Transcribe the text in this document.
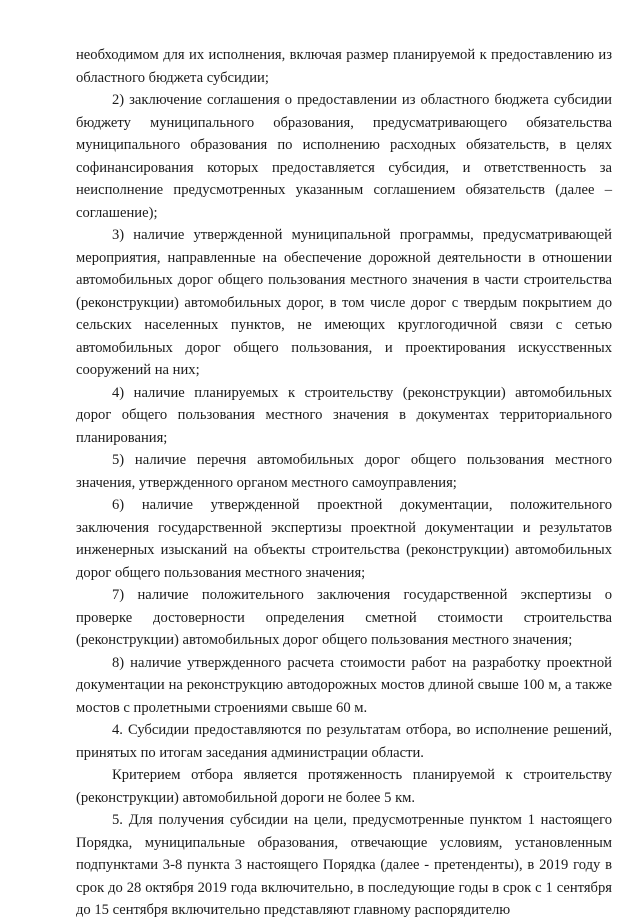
необходимом для их исполнения, включая размер планируемой к предоставлению из областного бюджета субсидии;

2) заключение соглашения о предоставлении из областного бюджета субсидии бюджету муниципального образования, предусматривающего обязательства муниципального образования по исполнению расходных обязательств, в целях софинансирования которых предоставляется субсидия, и ответственность за неисполнение предусмотренных указанным соглашением обязательств (далее – соглашение);

3) наличие утвержденной муниципальной программы, предусматривающей мероприятия, направленные на обеспечение дорожной деятельности в отношении автомобильных дорог общего пользования местного значения в части строительства (реконструкции) автомобильных дорог, в том числе дорог с твердым покрытием до сельских населенных пунктов, не имеющих круглогодичной связи с сетью автомобильных дорог общего пользования, и проектирования искусственных сооружений на них;

4) наличие планируемых к строительству (реконструкции) автомобильных дорог общего пользования местного значения в документах территориального планирования;

5) наличие перечня автомобильных дорог общего пользования местного значения, утвержденного органом местного самоуправления;

6) наличие утвержденной проектной документации, положительного заключения государственной экспертизы проектной документации и результатов инженерных изысканий на объекты строительства (реконструкции) автомобильных дорог общего пользования местного значения;

7) наличие положительного заключения государственной экспертизы о проверке достоверности определения сметной стоимости строительства (реконструкции) автомобильных дорог общего пользования местного значения;

8) наличие утвержденного расчета стоимости работ на разработку проектной документации на реконструкцию автодорожных мостов длиной свыше 100 м, а также мостов с пролетными строениями свыше 60 м.

4. Субсидии предоставляются по результатам отбора, во исполнение решений, принятых по итогам заседания администрации области.

Критерием отбора является протяженность планируемой к строительству (реконструкции) автомобильной дороги не более 5 км.

5. Для получения субсидии на цели, предусмотренные пунктом 1 настоящего Порядка, муниципальные образования, отвечающие условиям, установленным подпунктами 3-8 пункта 3 настоящего Порядка (далее - претенденты), в 2019 году в срок до 28 октября 2019 года включительно, в последующие годы в срок с 1 сентября до 15 сентября включительно представляют главному распорядителю
